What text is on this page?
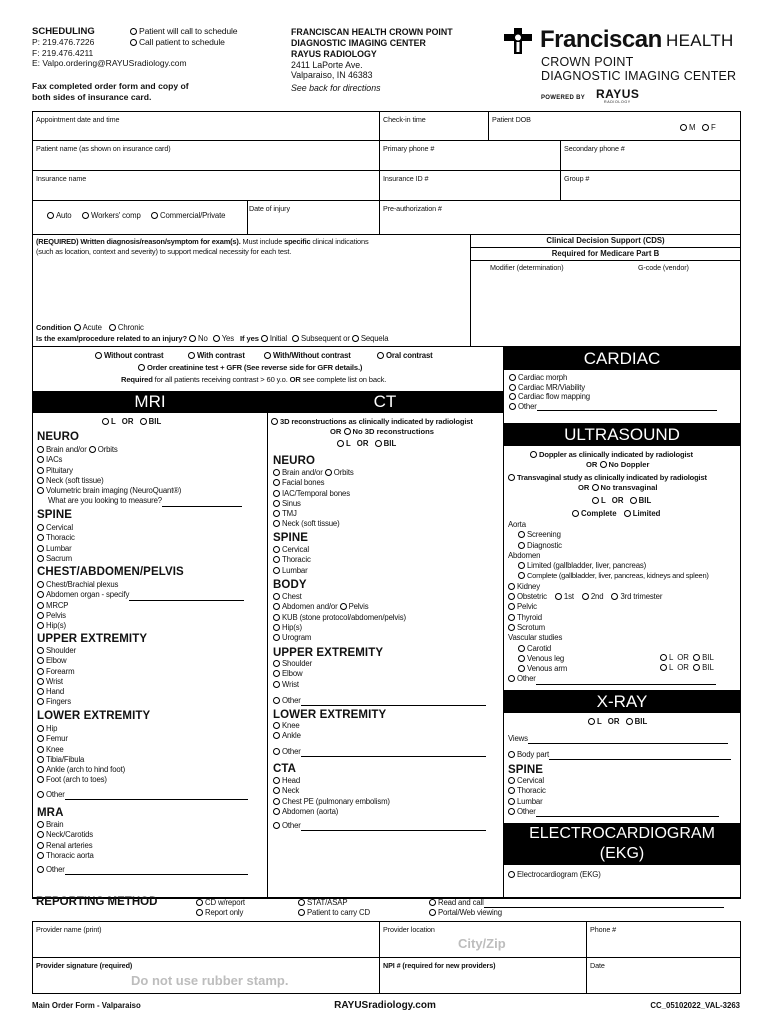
SCHEDULING
P: 219.476.7226
F: 219.476.4211
E: Valpo.ordering@RAYUSradiology.com
Patient will call to schedule
Call patient to schedule
Fax completed order form and copy of
both sides of insurance card.
FRANCISCAN HEALTH CROWN POINT
DIAGNOSTIC IMAGING CENTER
RAYUS RADIOLOGY
2411 LaPorte Ave.
Valparaiso, IN 46383
See back for directions
Franciscan HEALTH
CROWN POINT
DIAGNOSTIC IMAGING CENTER
POWERED BY RAYUS
RADIOLOGY
Appointment date and time	Check-in time	Patient DOB
M	F
Patient name (as shown on insurance card)	Primary phone #	Secondary phone #
Insurance name	Insurance ID #	Group #
Auto	Workers' comp	Commercial/Private
Date of injury	Pre-authorization #
(REQUIRED) Written diagnosis/reason/symptom for exam(s). Must include specific clinical indications
(such as location, context and severity) to support medical necessity for each test.
Clinical Decision Support (CDS)
Required for Medicare Part B
Modifier (determination)	G-code (vendor)
Condition Acute Chronic
Is the exam/procedure related to an injury? No Yes If yes Initial Subsequent or Sequela
Without contrast	With contrast	With/Without contrast	Oral contrast
Order creatinine test + GFR (See reverse side for GFR details.)
Required for all patients receiving contrast > 60 y.o. OR see complete list on back.
CARDIAC
Cardiac morph
Cardiac MR/Viability
Cardiac flow mapping
Other
MRI	CT
L OR BIL
NEURO
Brain and/or Orbits
IACs
Pituitary
Neck (soft tissue)
Volumetric brain imaging (NeuroQuant®)
What are you looking to measure?
SPINE
Cervical
Thoracic
Lumbar
Sacrum
CHEST/ABDOMEN/PELVIS
Chest/Brachial plexus
Abdomen organ - specify
MRCP
Pelvis
Hip(s)
UPPER EXTREMITY
Shoulder
Elbow
Forearm
Wrist
Hand
Fingers
LOWER EXTREMITY
Hip
Femur
Knee
Tibia/Fibula
Ankle (arch to hind foot)
Foot (arch to toes)
Other
MRA
Brain
Neck/Carotids
Renal arteries
Thoracic aorta
Other
3D reconstructions as clinically indicated by radiologist
OR No 3D reconstructions
L OR BIL
NEURO
Brain and/or Orbits
Facial bones
IAC/Temporal bones
Sinus
TMJ
Neck (soft tissue)
SPINE
Cervical
Thoracic
Lumbar
BODY
Chest
Abdomen and/or Pelvis
KUB (stone protocol/abdomen/pelvis)
Hip(s)
Urogram
UPPER EXTREMITY
Shoulder
Elbow
Wrist
Other
LOWER EXTREMITY
Knee
Ankle
Other
CTA
Head
Neck
Chest PE (pulmonary embolism)
Abdomen (aorta)
Other
ULTRASOUND
Doppler as clinically indicated by radiologist
OR No Doppler
Transvaginal study as clinically indicated by radiologist
OR No transvaginal
L OR BIL
Complete Limited
Aorta
Screening
Diagnostic
Abdomen
Limited (gallbladder, liver, pancreas)
Complete (gallbladder, liver, pancreas, kidneys and spleen)
Kidney
Obstetric 1st 2nd 3rd trimester
Pelvic
Thyroid
Scrotum
Vascular studies
Carotid
Venous leg
Venous arm
Other
L OR BIL
L OR BIL
X-RAY
L OR BIL
Views
Body part
SPINE
Cervical
Thoracic
Lumbar
Other
ELECTROCARDIOGRAM
(EKG)
Electrocardiogram (EKG)
REPORTING METHOD	CD w/report
Report only
STAT/ASAP
Patient to carry CD
Read and call
Portal/Web viewing
Provider name (print)	Provider location
City/Zip
Phone #
Provider signature (required)
Do not use rubber stamp.
NPI # (required for new providers)	Date
Main Order Form - Valparaiso	RAYUSradiology.com	CC_05102022_VAL-3263
